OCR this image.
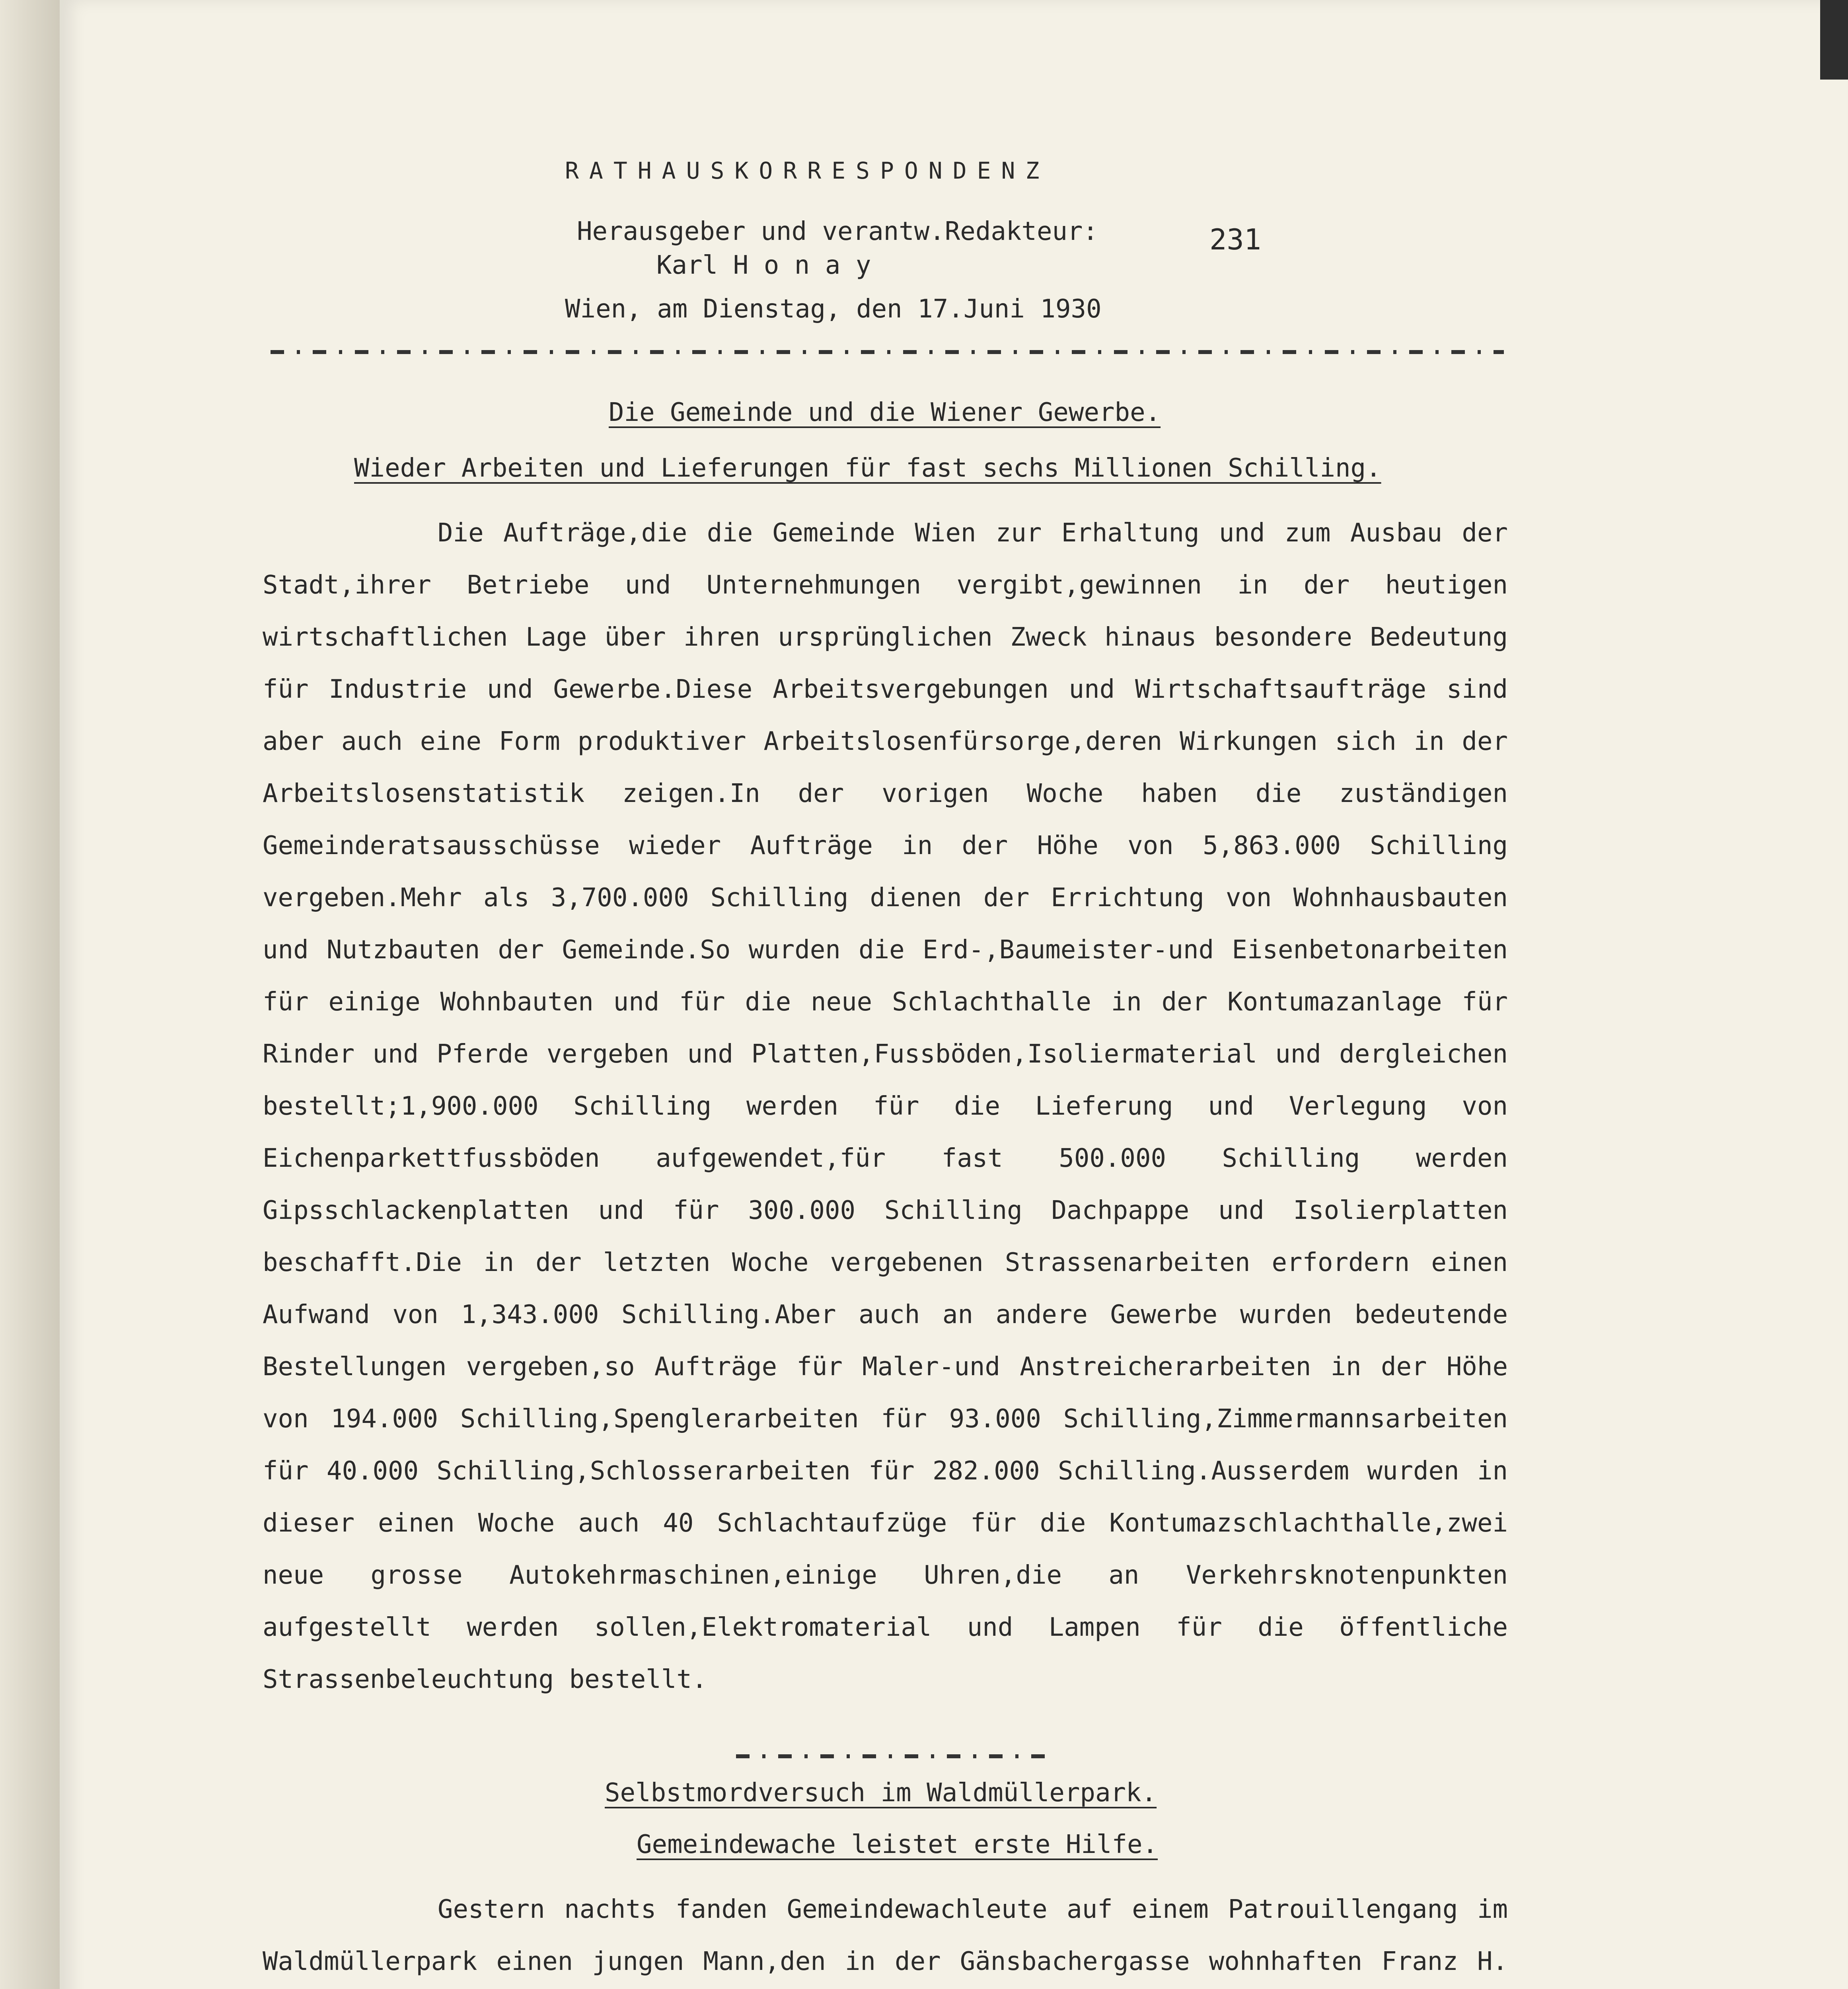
RATHAUSKORRESPONDENZ
Herausgeber und verantw.Redakteur:	231
Karl H o n a y
Wien, am Dienstag, den 17.Juni 1930
Die Gemeinde und die Wiener Gewerbe.
Wieder Arbeiten und Lieferungen für fast sechs Millionen Schilling.

Die Aufträge,die die Gemeinde Wien zur Erhaltung und zum Ausbau der Stadt,ihrer Betriebe und Unternehmungen vergibt,gewinnen in der heutigen wirtschaftlichen Lage über ihren ursprünglichen Zweck hinaus besondere Bedeutung für Industrie und Gewerbe.Diese Arbeitsvergebungen und Wirtschaftsaufträge sind aber auch eine Form produktiver Arbeitslosenfürsorge,deren Wirkungen sich in der Arbeitslosenstatistik zeigen.In der vorigen Woche haben die zuständigen Gemeinderatsausschüsse wieder Aufträge in der Höhe von 5,863.000 Schilling vergeben.Mehr als 3,700.000 Schilling dienen der Errichtung von Wohnhausbauten und Nutzbauten der Gemeinde.So wurden die Erd-,Baumeister-und Eisenbetonarbeiten für einige Wohnbauten und für die neue Schlachthalle in der Kontumazanlage für Rinder und Pferde vergeben und Platten,Fussböden,Isoliermaterial und dergleichen bestellt;1,900.000 Schilling werden für die Lieferung und Verlegung von Eichenparkettfussböden aufgewendet,für fast 500.000 Schilling werden Gipsschlackenplatten und für 300.000 Schilling Dachpappe und Isolierplatten beschafft.Die in der letzten Woche vergebenen Strassenarbeiten erfordern einen Aufwand von 1,343.000 Schilling.Aber auch an andere Gewerbe wurden bedeutende Bestellungen vergeben,so Aufträge für Maler-und Anstreicherarbeiten in der Höhe von 194.000 Schilling,Spenglerarbeiten für 93.000 Schilling,Zimmermannsarbeiten für 40.000 Schilling,Schlosserarbeiten für 282.000 Schilling.Ausserdem wurden in dieser einen Woche auch 40 Schlachtaufzüge für die Kontumazschlachthalle,zwei neue grosse Autokehrmaschinen,einige Uhren,die an Verkehrsknotenpunkten aufgestellt werden sollen,Elektromaterial und Lampen für die öffentliche Strassenbeleuchtung bestellt.

Selbstmordversuch im Waldmüllerpark.
Gemeindewache leistet erste Hilfe.

Gestern nachts fanden Gemeindewachleute auf einem Patrouillengang im Waldmüllerpark einen jungen Mann,den in der Gänsbachergasse wohnhaften Franz H.
